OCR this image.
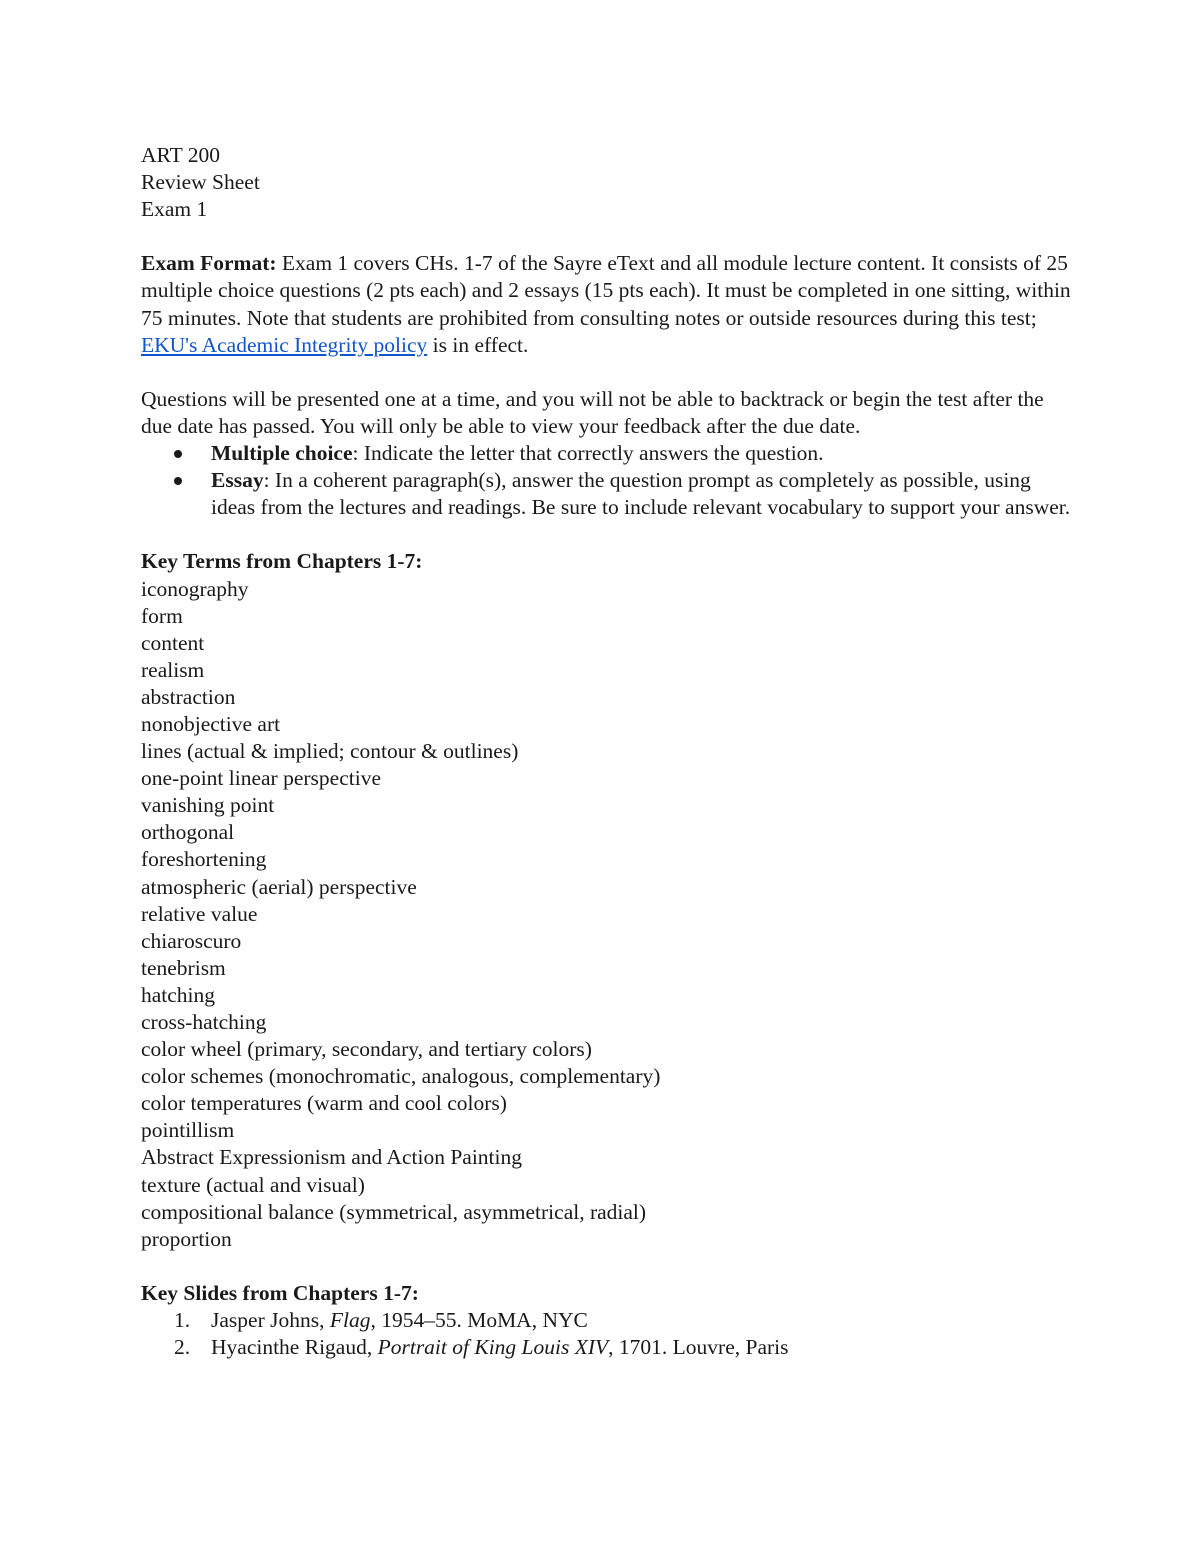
ART 200
Review Sheet
Exam 1
Exam Format: Exam 1 covers CHs. 1-7 of the Sayre eText and all module lecture content. It consists of 25 multiple choice questions (2 pts each) and 2 essays (15 pts each). It must be completed in one sitting, within 75 minutes. Note that students are prohibited from consulting notes or outside resources during this test; EKU's Academic Integrity policy is in effect.
Questions will be presented one at a time, and you will not be able to backtrack or begin the test after the due date has passed. You will only be able to view your feedback after the due date.
Multiple choice: Indicate the letter that correctly answers the question.
Essay: In a coherent paragraph(s), answer the question prompt as completely as possible, using ideas from the lectures and readings. Be sure to include relevant vocabulary to support your answer.
Key Terms from Chapters 1-7:
iconography
form
content
realism
abstraction
nonobjective art
lines (actual & implied; contour & outlines)
one-point linear perspective
vanishing point
orthogonal
foreshortening
atmospheric (aerial) perspective
relative value
chiaroscuro
tenebrism
hatching
cross-hatching
color wheel (primary, secondary, and tertiary colors)
color schemes (monochromatic, analogous, complementary)
color temperatures (warm and cool colors)
pointillism
Abstract Expressionism and Action Painting
texture (actual and visual)
compositional balance (symmetrical, asymmetrical, radial)
proportion
Key Slides from Chapters 1-7:
1. Jasper Johns, Flag, 1954–55. MoMA, NYC
2. Hyacinthe Rigaud, Portrait of King Louis XIV, 1701. Louvre, Paris
